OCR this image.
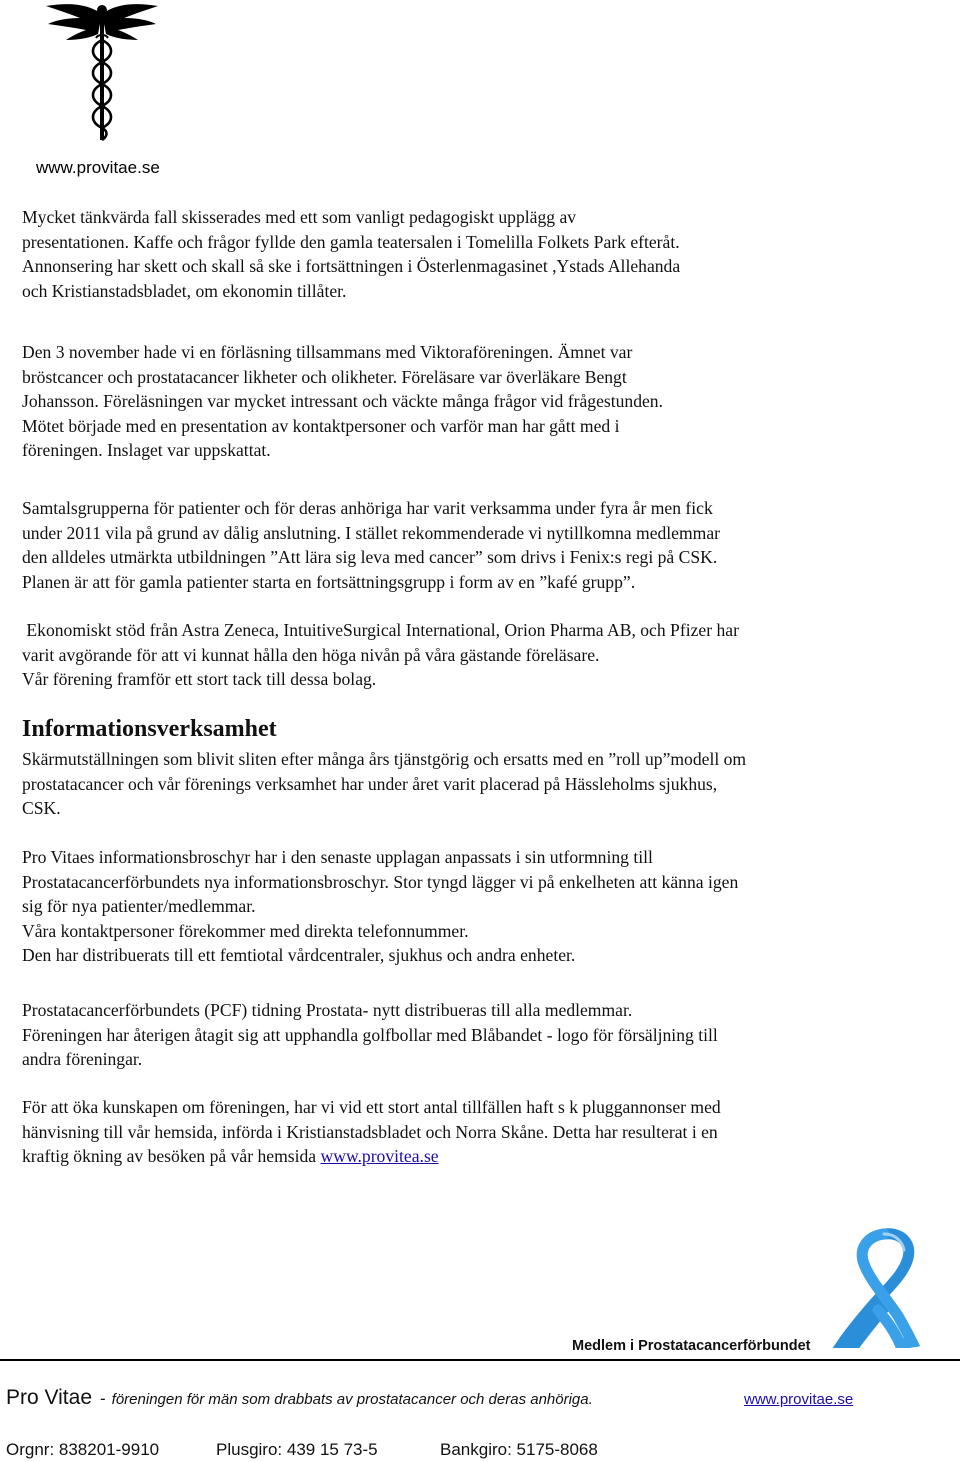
www.provitae.se

Mycket tänkvärda fall skisserades med ett som vanligt pedagogiskt upplägg av
presentationen. Kaffe och frågor fyllde den gamla teatersalen i Tomelilla Folkets Park efteråt.
Annonsering har skett och skall så ske i fortsättningen i Österlenmagasinet ,Ystads Allehanda
och Kristianstadsbladet, om ekonomin tillåter.

Den 3 november hade vi en förläsning tillsammans med Viktoraföreningen. Ämnet var
bröstcancer och prostatacancer likheter och olikheter. Föreläsare var överläkare Bengt
Johansson. Föreläsningen var mycket intressant och väckte många frågor vid frågestunden.
Mötet började med en presentation av kontaktpersoner och varför man har gått med i
föreningen. Inslaget var uppskattat.

Samtalsgrupperna för patienter och för deras anhöriga har varit verksamma under fyra år men fick
under 2011 vila på grund av dålig anslutning. I stället rekommenderade vi nytillkomna medlemmar
den alldeles utmärkta utbildningen ”Att lära sig leva med cancer” som drivs i Fenix:s regi på CSK.
Planen är att för gamla patienter starta en fortsättningsgrupp i form av en ”kafé grupp”.

Ekonomiskt stöd från Astra Zeneca, IntuitiveSurgical International, Orion Pharma AB, och Pfizer har
varit avgörande för att vi kunnat hålla den höga nivån på våra gästande föreläsare.
Vår förening framför ett stort tack till dessa bolag.

Informationsverksamhet

Skärmutställningen som blivit sliten efter många års tjänstgörig och ersatts med en ”roll up”modell om
prostatacancer och vår förenings verksamhet har under året varit placerad på Hässleholms sjukhus,
CSK.

Pro Vitaes informationsbroschyr har i den senaste upplagan anpassats i sin utformning till
Prostatacancerförbundets nya informationsbroschyr. Stor tyngd lägger vi på enkelheten att känna igen
sig för nya patienter/medlemmar.
Våra kontaktpersoner förekommer med direkta telefonnummer.
Den har distribuerats till ett femtiotal vårdcentraler, sjukhus och andra enheter.

Prostatacancerförbundets (PCF) tidning Prostata- nytt distribueras till alla medlemmar.
Föreningen har återigen åtagit sig att upphandla golfbollar med Blåbandet - logo för försäljning till
andra föreningar.

För att öka kunskapen om föreningen, har vi vid ett stort antal tillfällen haft s k pluggannonser med
hänvisning till vår hemsida, införda i Kristianstadsbladet och Norra Skåne. Detta har resulterat i en
kraftig ökning av besöken på vår hemsida www.provitea.se

Medlem i Prostatacancerförbundet
Pro Vitae - föreningen för män som drabbats av prostatacancer och deras anhöriga.	www.provitae.se
Orgnr: 838201-9910	Plusgiro: 439 15 73-5	Bankgiro: 5175-8068
